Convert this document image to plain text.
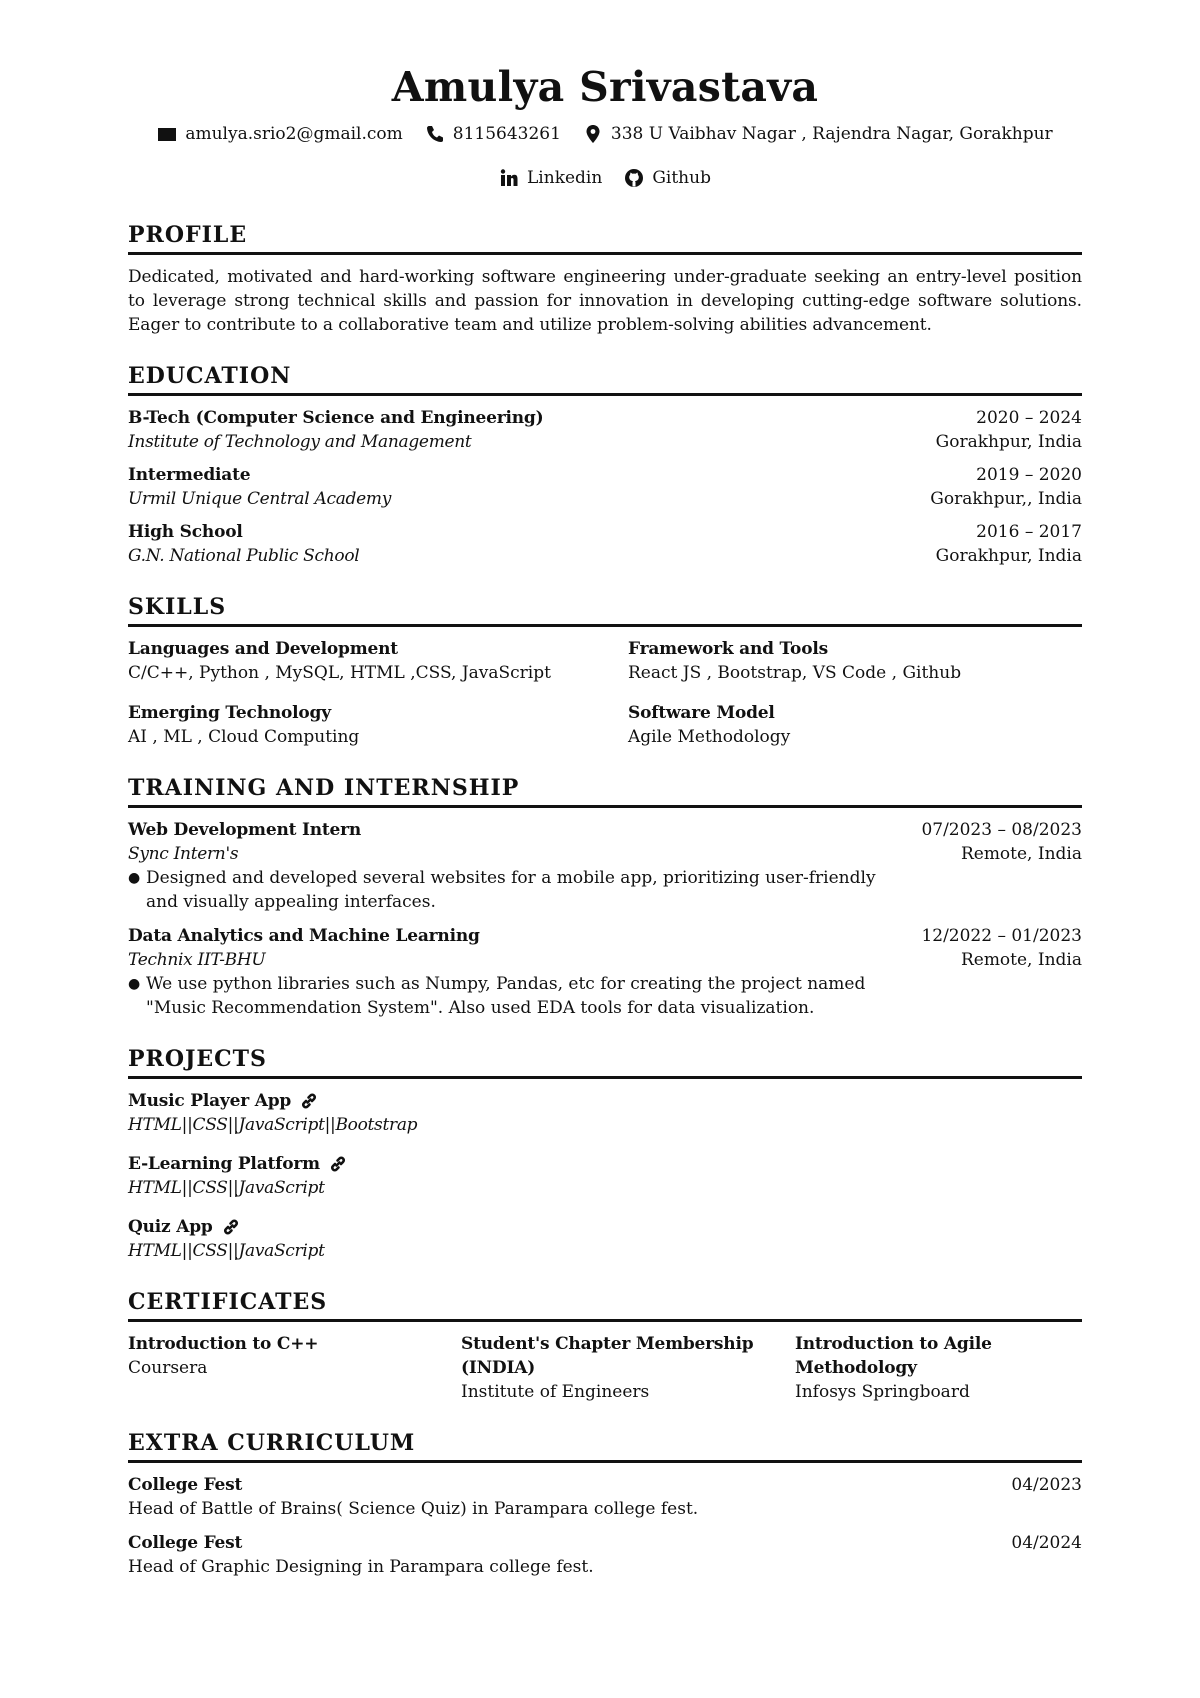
Amulya Srivastava
amulya.srio2@gmail.com	8115643261	338 U Vaibhav Nagar , Rajendra Nagar, Gorakhpur
Linkedin	Github
PROFILE
Dedicated, motivated and hard-working software engineering under-graduate seeking an entry-level position to leverage strong technical skills and passion for innovation in developing cutting-edge software solutions. Eager to contribute to a collaborative team and utilize problem-solving abilities advancement.
EDUCATION
B-Tech (Computer Science and Engineering)	2020 – 2024
Institute of Technology and Management	Gorakhpur, India
Intermediate	2019 – 2020
Urmil Unique Central Academy	Gorakhpur,, India
High School	2016 – 2017
G.N. National Public School	Gorakhpur, India
SKILLS
Languages and Development
C/C++, Python , MySQL, HTML ,CSS, JavaScript
Framework and Tools
React JS , Bootstrap, VS Code , Github
Emerging Technology
AI , ML , Cloud Computing
Software Model
Agile Methodology
TRAINING AND INTERNSHIP
Web Development Intern	07/2023 – 08/2023
Sync Intern's	Remote, India
● Designed and developed several websites for a mobile app, prioritizing user-friendly and visually appealing interfaces.
Data Analytics and Machine Learning	12/2022 – 01/2023
Technix IIT-BHU	Remote, India
● We use python libraries such as Numpy, Pandas, etc for creating the project named "Music Recommendation System". Also used EDA tools for data visualization.
PROJECTS
Music Player App
HTML||CSS||JavaScript||Bootstrap
E-Learning Platform
HTML||CSS||JavaScript
Quiz App
HTML||CSS||JavaScript
CERTIFICATES
Introduction to C++
Coursera
Student's Chapter Membership (INDIA)
Institute of Engineers
Introduction to Agile Methodology
Infosys Springboard
EXTRA CURRICULUM
College Fest	04/2023
Head of Battle of Brains( Science Quiz) in Parampara college fest.
College Fest	04/2024
Head of Graphic Designing in Parampara college fest.
